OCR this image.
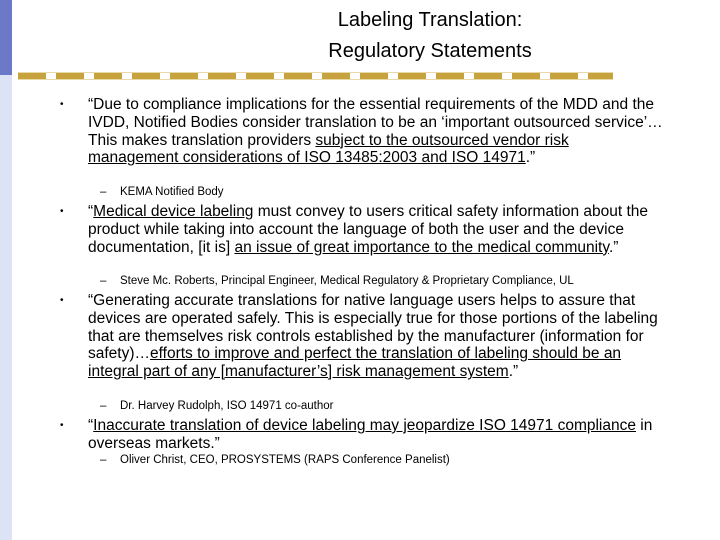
Labeling Translation:
Regulatory Statements
• “Due to compliance implications for the essential requirements of the MDD and the IVDD, Notified Bodies consider translation to be an ‘important outsourced service’…This makes translation providers subject to the outsourced vendor risk management considerations of ISO 13485:2003 and ISO 14971.”
– KEMA Notified Body
• “Medical device labeling must convey to users critical safety information about the product while taking into account the language of both the user and the device documentation, [it is] an issue of great importance to the medical community.”
– Steve Mc. Roberts, Principal Engineer, Medical Regulatory & Proprietary Compliance, UL
• “Generating accurate translations for native language users helps to assure that devices are operated safely. This is especially true for those portions of the labeling that are themselves risk controls established by the manufacturer (information for safety)…efforts to improve and perfect the translation of labeling should be an integral part of any [manufacturer’s] risk management system.”
– Dr. Harvey Rudolph, ISO 14971 co-author
• “Inaccurate translation of device labeling may jeopardize ISO 14971 compliance in overseas markets.”
– Oliver Christ, CEO, PROSYSTEMS (RAPS Conference Panelist)
